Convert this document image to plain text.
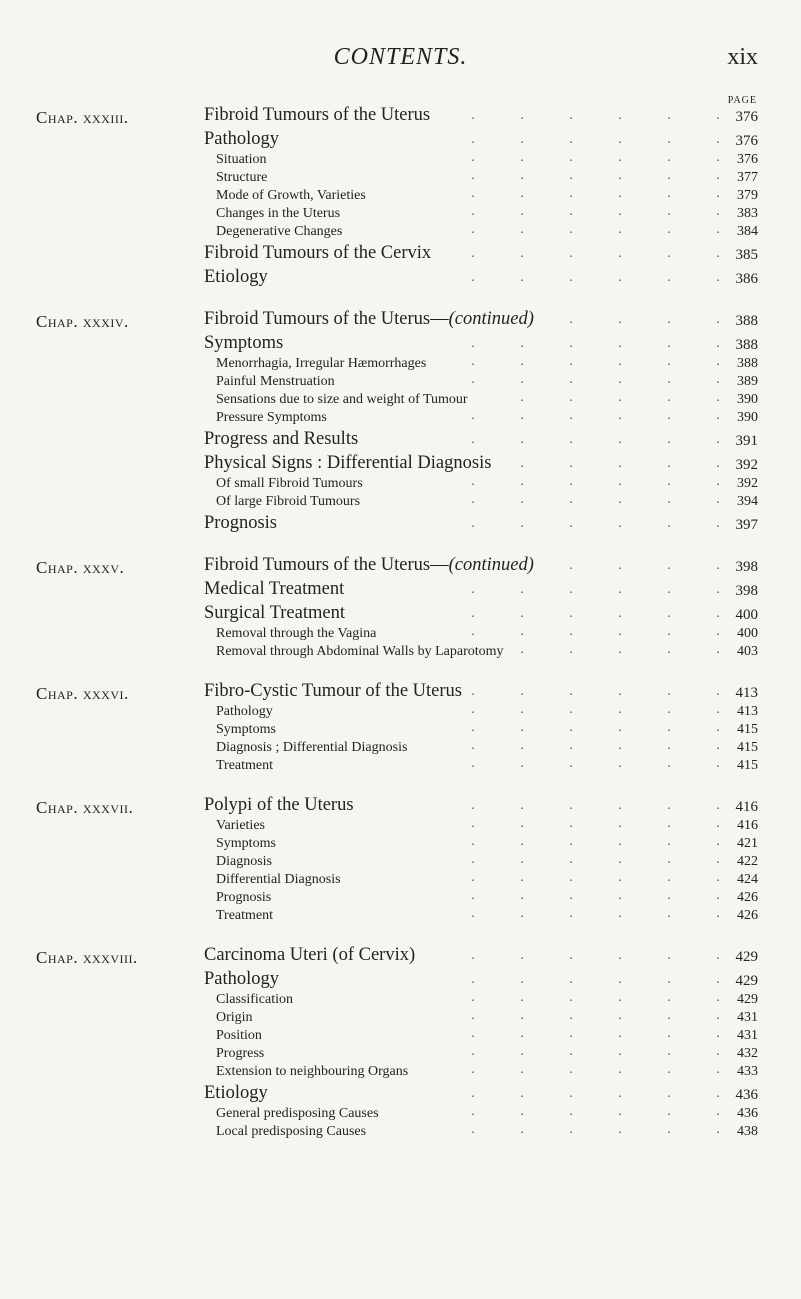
CONTENTS.	xix
PAGE
Chap. xxxiii.	Fibroid Tumours of the Uterus	.	.	.	.	.	. 376
Pathology	.	.	.	.	.	. 376
Situation	.	.	.	.	.	. 376
Structure	.	.	.	.	.	. 377
Mode of Growth, Varieties	.	.	.	.	.	. 379
Changes in the Uterus	.	.	.	.	.	. 383
Degenerative Changes	.	.	.	.	.	. 384
Fibroid Tumours of the Cervix	.	.	.	.	.	. 385
Etiology	.	.	.	.	.	. 386
Chap. xxxiv.	Fibroid Tumours of the Uterus—(continued)	.	.	.	. 388
Symptoms	.	.	.	.	.	. 388
Menorrhagia, Irregular Hæmorrhages	.	.	.	.	.	. 388
Painful Menstruation	.	.	.	.	.	. 389
Sensations due to size and weight of Tumour	.	.	.	.	. 390
Pressure Symptoms	.	.	.	.	.	. 390
Progress and Results	.	.	.	.	.	. 391
Physical Signs : Differential Diagnosis .	.	.	.	. 392
Of small Fibroid Tumours	.	.	.	.	.	. 392
Of large Fibroid Tumours	.	.	.	.	.	. 394
Prognosis	.	.	.	.	.	. 397
Chap. xxxv.	Fibroid Tumours of the Uterus—(continued)	.	.	.	. 398
Medical Treatment	.	.	.	.	.	. 398
Surgical Treatment	.	.	.	.	.	. 400
Removal through the Vagina	.	.	.	.	.	. 400
Removal through Abdominal Walls by Laparotomy .	.	.	.	. 403
Chap. xxxvi.	Fibro-Cystic Tumour of the Uterus .	.	.	.	.	. 413
Pathology	.	.	.	.	.	. 413
Symptoms	.	.	.	.	.	. 415
Diagnosis ; Differential Diagnosis	.	.	.	.	.	. 415
Treatment	.	.	.	.	.	. 415
Chap. xxxvii.	Polypi of the Uterus	.	.	.	.	.	. 416
Varieties	.	.	.	.	.	. 416
Symptoms	.	.	.	.	.	. 421
Diagnosis	.	.	.	.	.	. 422
Differential Diagnosis	.	.	.	.	.	. 424
Prognosis	.	.	.	.	.	. 426
Treatment	.	.	.	.	.	. 426
Chap. xxxviii.	Carcinoma Uteri (of Cervix)	.	.	.	.	.	. 429
Pathology	.	.	.	.	.	. 429
Classification	.	.	.	.	.	. 429
Origin	.	.	.	.	.	. 431
Position	.	.	.	.	.	. 431
Progress	.	.	.	.	.	. 432
Extension to neighbouring Organs	.	.	.	.	.	. 433
Etiology	.	.	.	.	.	. 436
General predisposing Causes	.	.	.	.	.	. 436
Local predisposing Causes	.	.	.	.	.	. 438
